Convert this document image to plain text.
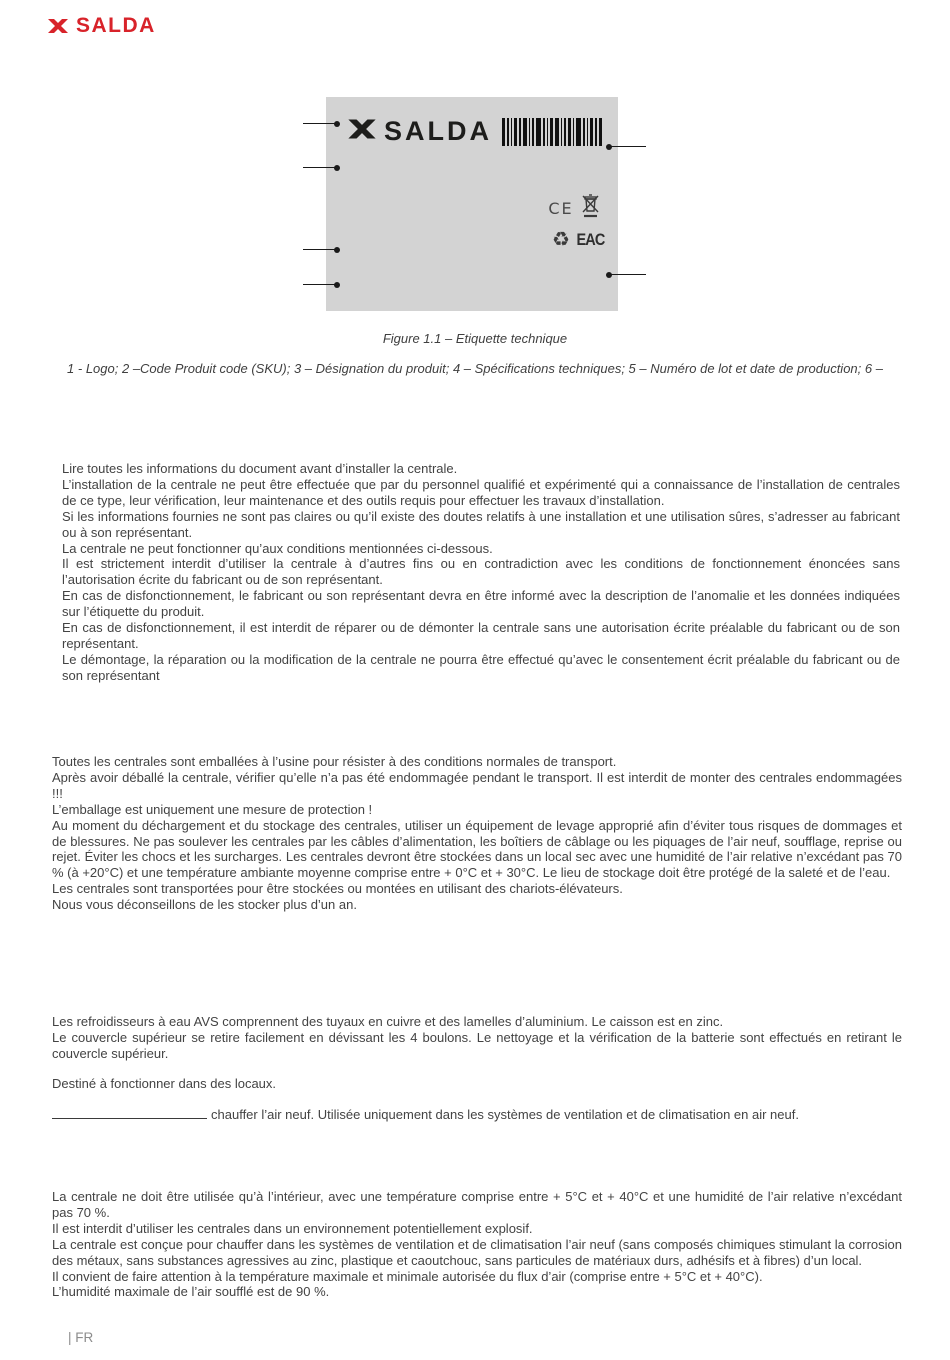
SALDA
SALDA
CE
♻ EAC
Figure 1.1 – Etiquette technique
1 - Logo; 2 –Code Produit code (SKU); 3 – Désignation du produit; 4 – Spécifications techniques; 5 – Numéro de lot et date de production; 6 –

Lire toutes les informations du document avant d’installer la centrale.

L’installation de la centrale ne peut être effectuée que par du personnel qualifié et expérimenté qui a connaissance de l’installation de centrales de ce type, leur vérification, leur maintenance et des outils requis pour effectuer les travaux d’installation.

Si les informations fournies ne sont pas claires ou qu’il existe des doutes relatifs à une installation et une utilisation sûres, s’adresser au fabricant ou à son représentant.

La centrale ne peut fonctionner qu’aux conditions mentionnées ci-dessous.

Il est strictement interdit d’utiliser la centrale à d’autres fins ou en contradiction avec les conditions de fonctionnement énoncées sans l’autorisation écrite du fabricant ou de son représentant.

En cas de disfonctionnement, le fabricant ou son représentant devra en être informé avec la description de l’anomalie et les données indiquées sur l’étiquette du produit.

En cas de disfonctionnement, il est interdit de réparer ou de démonter la centrale sans une autorisation écrite préalable du fabricant ou de son représentant.

Le démontage, la réparation ou la modification de la centrale ne pourra être effectué qu’avec le consentement écrit préalable du fabricant ou de son représentant

Toutes les centrales sont emballées à l’usine pour résister à des conditions normales de transport.

Après avoir déballé la centrale, vérifier qu’elle n’a pas été endommagée pendant le transport. Il est interdit de monter des centrales endommagées !!!

L’emballage est uniquement une mesure de protection !

Au moment du déchargement et du stockage des centrales, utiliser un équipement de levage approprié afin d’éviter tous risques de dommages et de blessures. Ne pas soulever les centrales par les câbles d’alimentation, les boîtiers de câblage ou les piquages de l’air neuf, soufflage, reprise ou rejet. Éviter les chocs et les surcharges. Les centrales devront être stockées dans un local sec avec une humidité de l’air relative n’excédant pas 70 % (à +20°C) et une température ambiante moyenne comprise entre + 0°C et + 30°C. Le lieu de stockage doit être protégé de la saleté et de l’eau.

Les centrales sont transportées pour être stockées ou montées en utilisant des chariots-élévateurs.

Nous vous déconseillons de les stocker plus d’un an.

Les refroidisseurs à eau AVS comprennent des tuyaux en cuivre et des lamelles d’aluminium. Le caisson est en zinc.

Le couvercle supérieur se retire facilement en dévissant les 4 boulons. Le nettoyage et la vérification de la batterie sont effectués en retirant le couvercle supérieur.

Destiné à fonctionner dans des locaux.
chauffer l’air neuf. Utilisée uniquement dans les systèmes de ventilation et de climatisation en air neuf.

La centrale ne doit être utilisée qu’à l’intérieur, avec une température comprise entre + 5°C et + 40°C et une humidité de l’air relative n’excédant pas 70 %.

Il est interdit d’utiliser les centrales dans un environnement potentiellement explosif.

La centrale est conçue pour chauffer dans les systèmes de ventilation et de climatisation l’air neuf (sans composés chimiques stimulant la corrosion des métaux, sans substances agressives au zinc, plastique et caoutchouc, sans particules de matériaux durs, adhésifs et à fibres) d’un local.

Il convient de faire attention à la température maximale et minimale autorisée du flux d’air (comprise entre + 5°C et + 40°C).

L’humidité maximale de l’air soufflé est de 90 %.

| FR
